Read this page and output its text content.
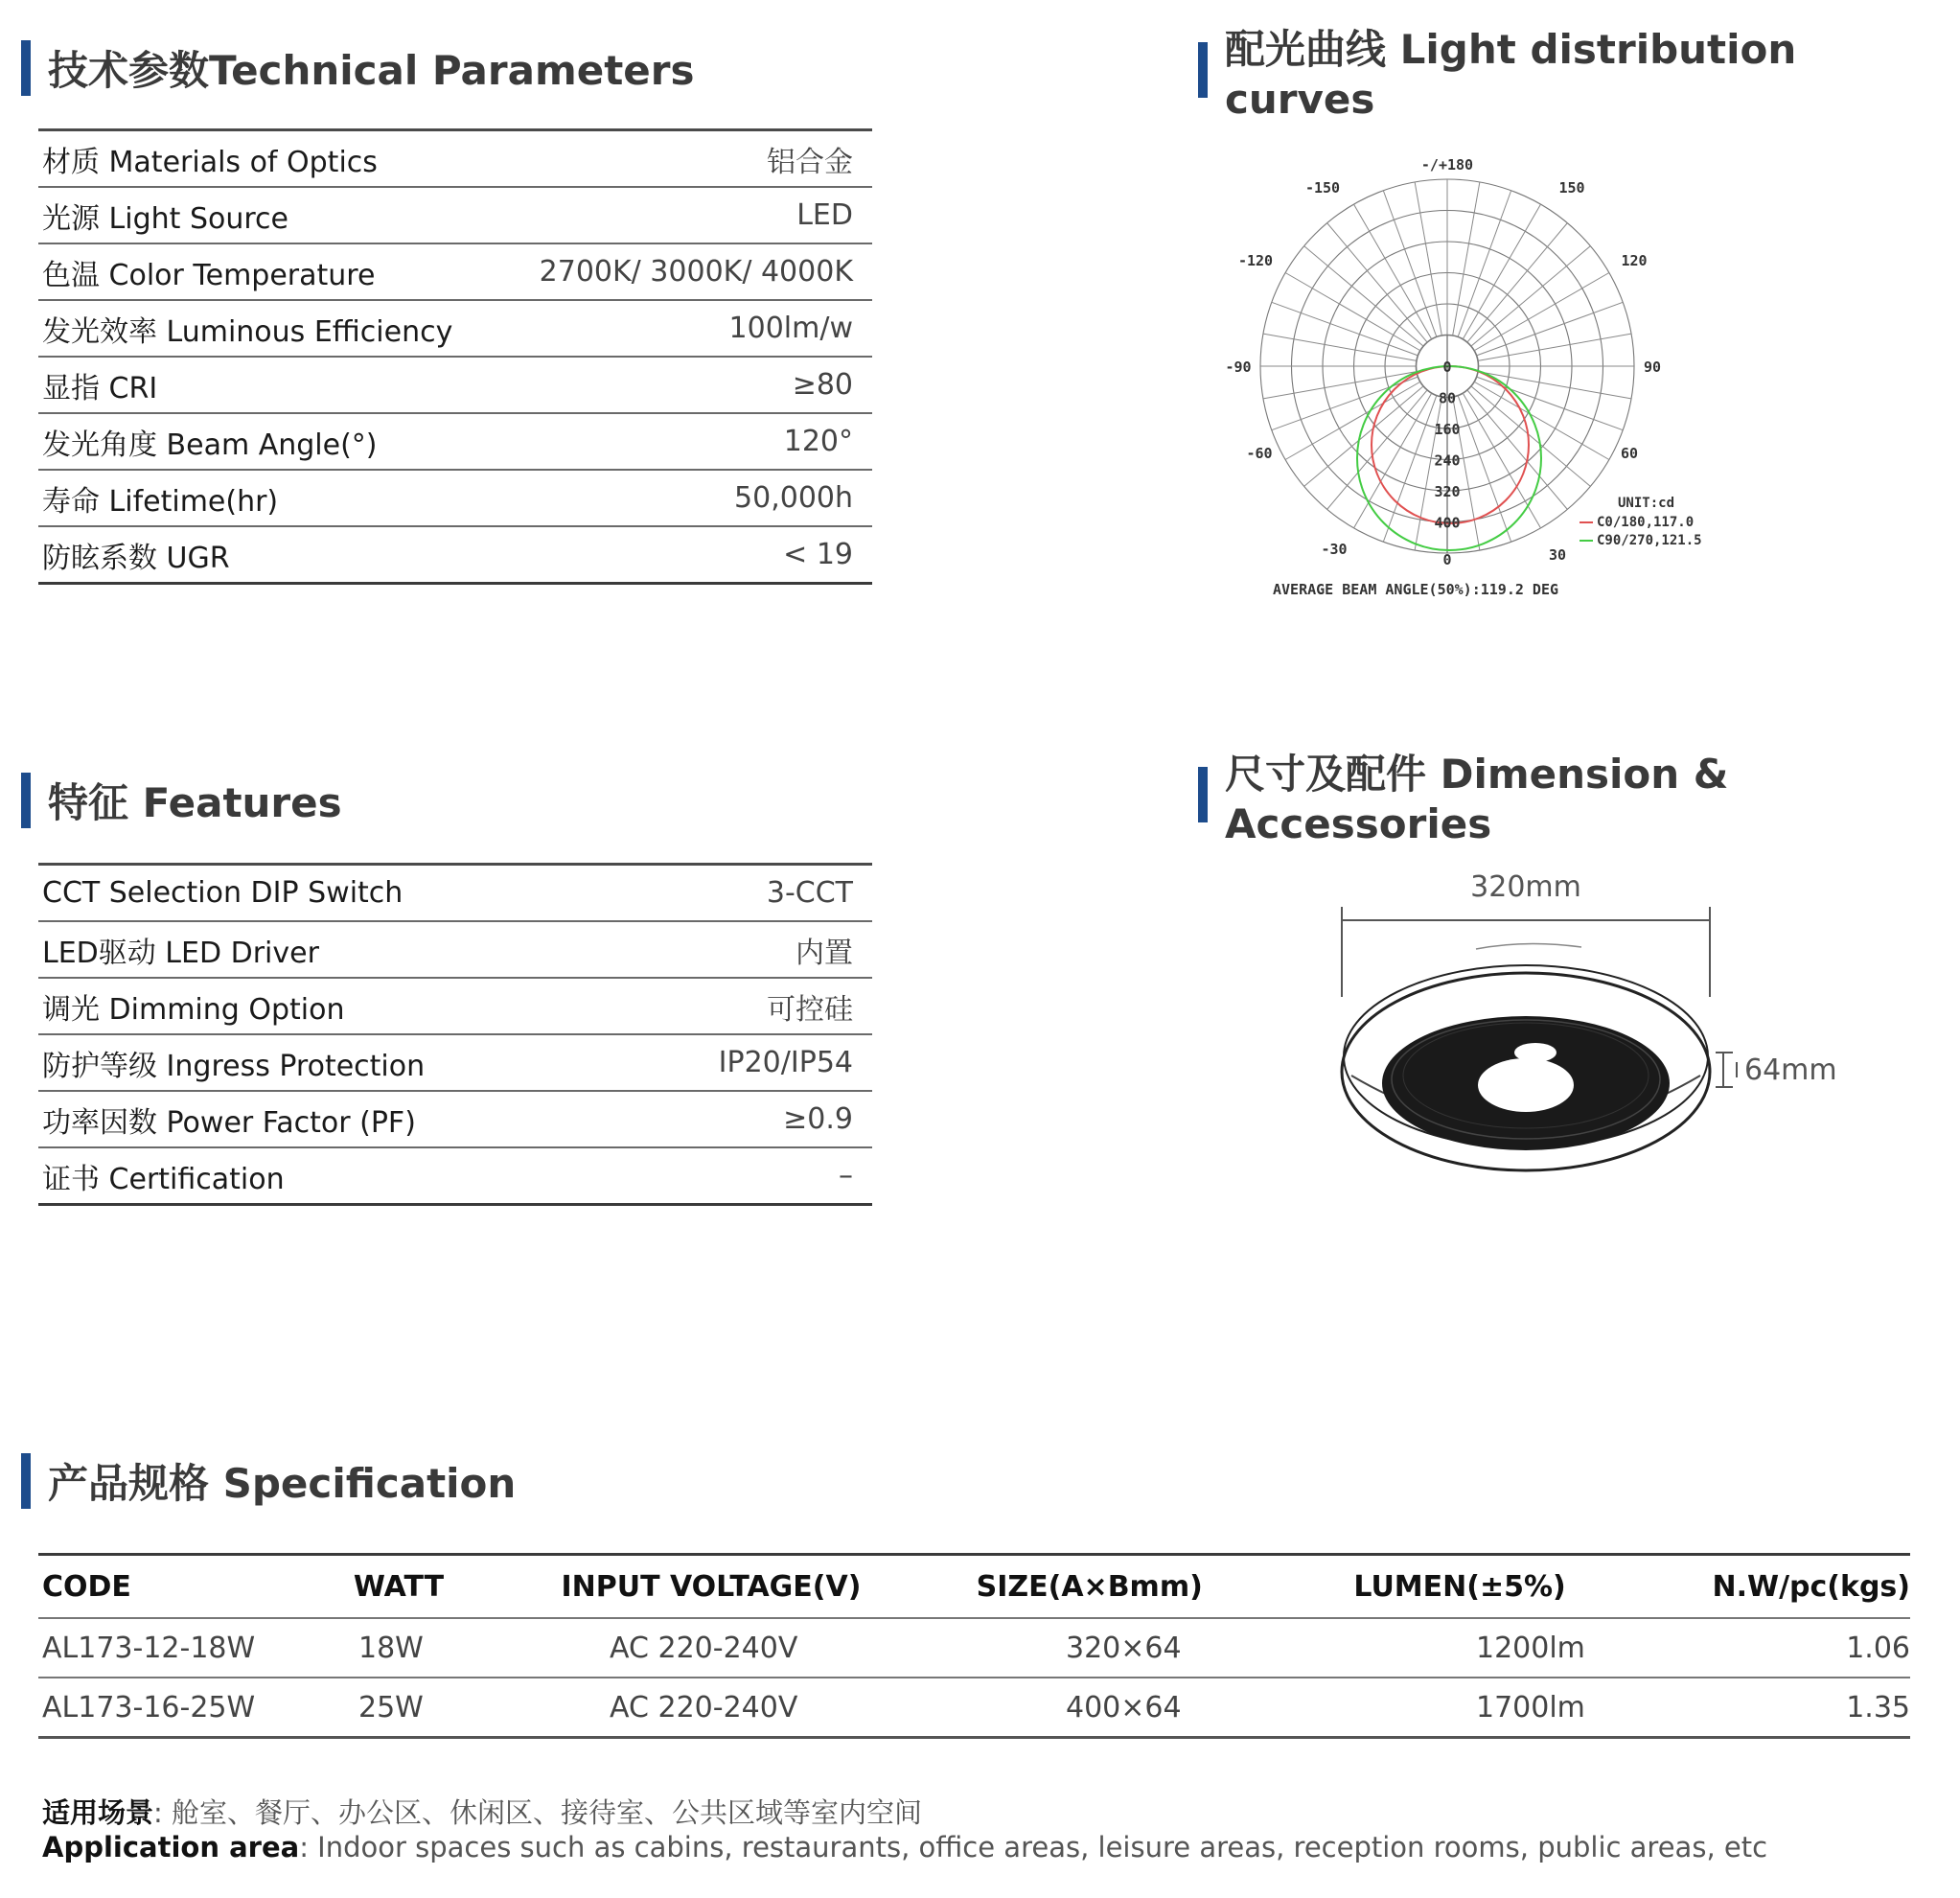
技术参数Technical Parameters
材质 Materials of Optics	铝合金
光源 Light Source	LED
色温 Color Temperature	2700K/ 3000K/ 4000K
发光效率 Luminous Efficiency	100lm/w
显指 CRI	≥80
发光角度 Beam Angle(°)	120°
寿命 Lifetime(hr)	50,000h
防眩系数 UGR	< 19
配光曲线 Light distribution curves
-/+180
150
-150
120
-120
90
-90
60
-60
30
-30
0
0
80
160
240
320
400
UNIT:cd
C0/180,117.0
C90/270,121.5
AVERAGE BEAM ANGLE(50%):119.2 DEG
特征 Features
CCT Selection DIP Switch	3-CCT
LED驱动 LED Driver	内置
调光 Dimming Option	可控硅
防护等级 Ingress Protection	IP20/IP54
功率因数 Power Factor (PF)	≥0.9
证书 Certification	–
尺寸及配件 Dimension & Accessories
320mm
64mm
产品规格 Specification
CODE	WATT	INPUT VOLTAGE(V)	SIZE(A×Bmm)	LUMEN(±5%)	N.W/pc(kgs)
AL173-12-18W	18W	AC 220-240V	320×64	1200lm	1.06
AL173-16-25W	25W	AC 220-240V	400×64	1700lm	1.35
适用场景: 舱室、餐厅、办公区、休闲区、接待室、公共区域等室内空间
Application area: Indoor spaces such as cabins, restaurants, office areas, leisure areas, reception rooms, public areas, etc
